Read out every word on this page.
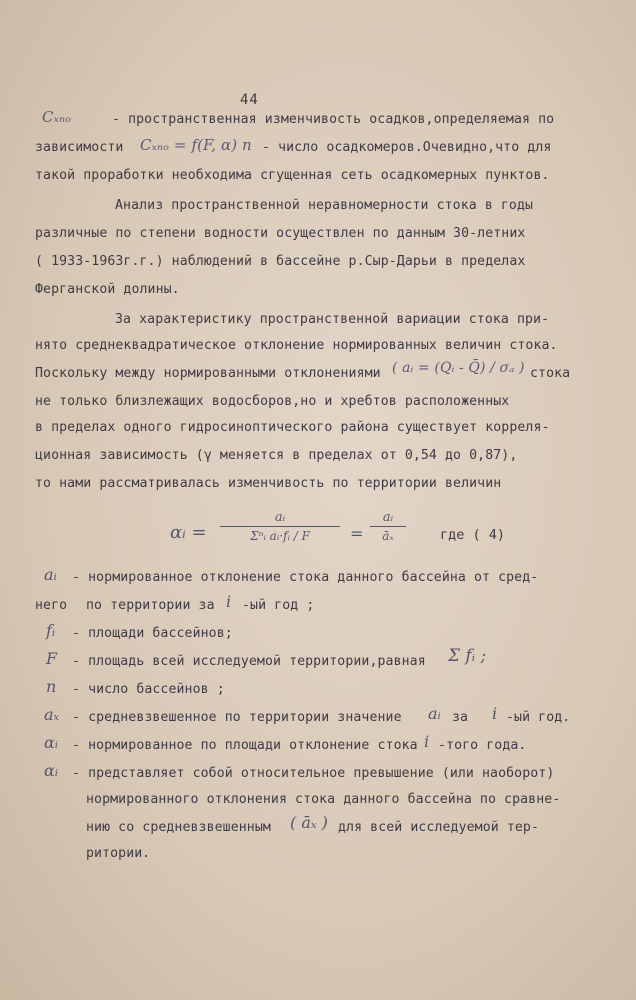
44
Cₓₙₒ	- пространственная изменчивость осадков,определяемая по
зависимости Cₓₙₒ = f(F, α) n - число осадкомеров.Очевидно,что для
такой проработки необходима сгущенная сеть осадкомерных пунктов.
Анализ пространственной неравномерности стока в годы
различные по степени водности осуществлен по данным 30-летних
( 1933-1963г.г.) наблюдений в бассейне р.Сыр-Дарьи в пределах
Ферганской долины.
За характеристику пространственной вариации стока при-
нято среднеквадратическое отклонение нормированных величин стока.
Поскольку между нормированными отклонениями ( aᵢ = (Qᵢ - Q̄) / σₐ ) стока
не только близлежащих водосборов,но и хребтов расположенных
в пределах одного гидросиноптического района существует корреля-
ционная зависимость (γ меняется в пределах от 0,54 до 0,87),
то нами рассматривалась изменчивость по территории величин
αᵢ =
aᵢ
Σⁿᵢ aᵢ·fᵢ / F	= $\frac{\text{aᵢ}}{\text{āₓ}}$	где ( 4)
aᵢ - нормированное отклонение стока данного бассейна от сред-
него по территории за i -ый год ;
fᵢ - площади бассейнов;
F - площадь всей исследуемой территории,равная Σ fᵢ ;
n - число бассейнов ;
aₓ - средневзвешенное по территории значение aᵢ за i -ый год.
αᵢ - нормированное по площади отклонение стока i -того года.
αᵢ - представляет собой относительное превышение (или наоборот)
нормированного отклонения стока данного бассейна по сравне-
нию со средневзвешенным ( āₓ ) для всей исследуемой тер-
ритории.
